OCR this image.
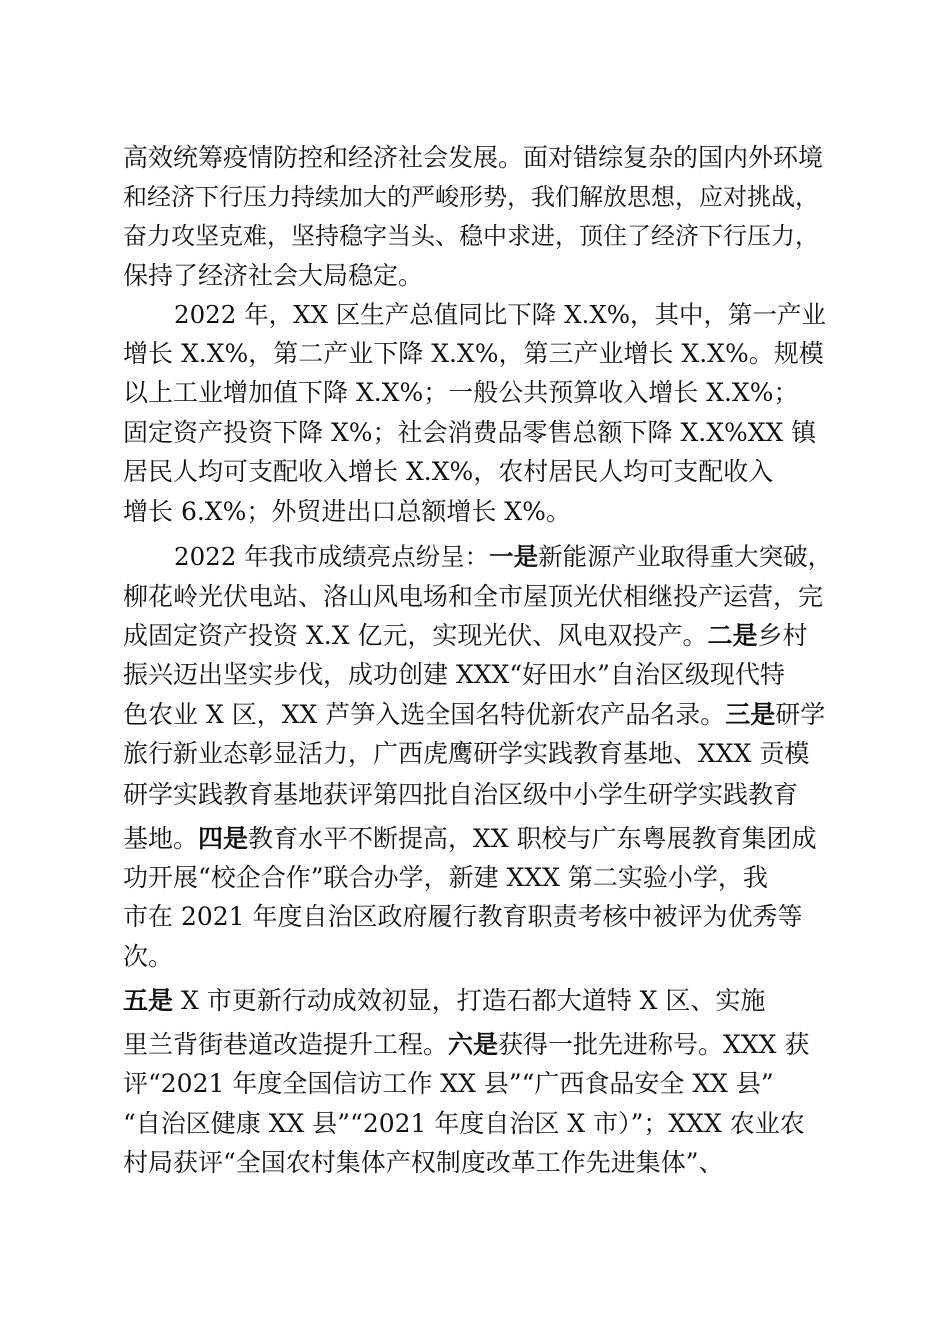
高效统筹疫情防控和经济社会发展。面对错综复杂的国内外环境
和经济下行压力持续加大的严峻形势，我们解放思想，应对挑战，
奋力攻坚克难，坚持稳字当头、稳中求进，顶住了经济下行压力，
保持了经济社会大局稳定。
2022 年，XX 区生产总值同比下降 X.X%，其中，第一产业
增长 X.X%，第二产业下降 X.X%，第三产业增长 X.X%。规模
以上工业增加值下降 X.X%；一般公共预算收入增长 X.X%；
固定资产投资下降 X%；社会消费品零售总额下降 X.X%XX 镇
居民人均可支配收入增长 X.X%，农村居民人均可支配收入
增长 6.X%；外贸进出口总额增长 X%。
2022 年我市成绩亮点纷呈：一是新能源产业取得重大突破，
柳花岭光伏电站、洛山风电场和全市屋顶光伏相继投产运营，完
成固定资产投资 X.X 亿元，实现光伏、风电双投产。二是乡村
振兴迈出坚实步伐，成功创建 XXX“好田水”自治区级现代特
色农业 X 区，XX 芦笋入选全国名特优新农产品名录。三是研学
旅行新业态彰显活力，广西虎鹰研学实践教育基地、XXX 贡模
研学实践教育基地获评第四批自治区级中小学生研学实践教育
基地。四是教育水平不断提高，XX 职校与广东粤展教育集团成
功开展“校企合作”联合办学，新建 XXX 第二实验小学，我
市在 2021 年度自治区政府履行教育职责考核中被评为优秀等
次。
五是 X 市更新行动成效初显，打造石都大道特 X 区、实施
里兰背街巷道改造提升工程。六是获得一批先进称号。XXX 获
评“2021 年度全国信访工作 XX 县”“广西食品安全 XX 县”
“自治区健康 XX 县”“2021 年度自治区 X 市）”；XXX 农业农
村局获评“全国农村集体产权制度改革工作先进集体”、
